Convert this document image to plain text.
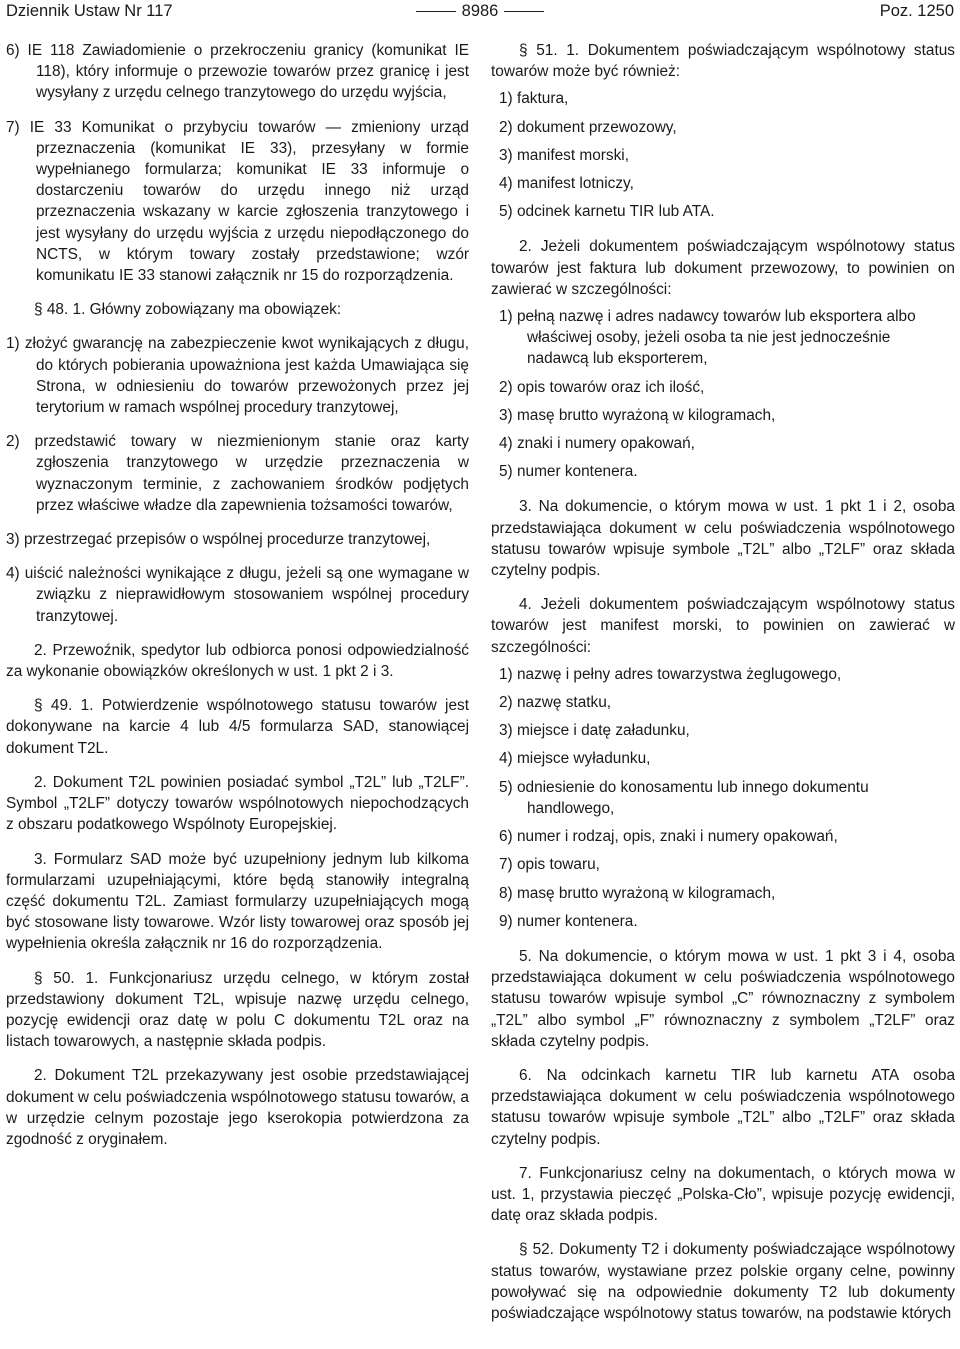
Dziennik Ustaw Nr 117	8986	Poz. 1250
6) IE 118 Zawiadomienie o przekroczeniu granicy (komunikat IE 118), który informuje o przewozie towarów przez granicę i jest wysyłany z urzędu celnego tranzytowego do urzędu wyjścia,
7) IE 33 Komunikat o przybyciu towarów — zmieniony urząd przeznaczenia (komunikat IE 33), przesyłany w formie wypełnianego formularza; komunikat IE 33 informuje o dostarczeniu towarów do urzędu innego niż urząd przeznaczenia wskazany w karcie zgłoszenia tranzytowego i jest wysyłany do urzędu wyjścia z urzędu niepodłączonego do NCTS, w którym towary zostały przedstawione; wzór komunikatu IE 33 stanowi załącznik nr 15 do rozporządzenia.

§ 48. 1. Główny zobowiązany ma obowiązek:

1) złożyć gwarancję na zabezpieczenie kwot wynikających z długu, do których pobierania upoważniona jest każda Umawiająca się Strona, w odniesieniu do towarów przewożonych przez jej terytorium w ramach wspólnej procedury tranzytowej,
2) przedstawić towary w niezmienionym stanie oraz karty zgłoszenia tranzytowego w urzędzie przeznaczenia w wyznaczonym terminie, z zachowaniem środków podjętych przez właściwe władze dla zapewnienia tożsamości towarów,
3) przestrzegać przepisów o wspólnej procedurze tranzytowej,
4) uiścić należności wynikające z długu, jeżeli są one wymagane w związku z nieprawidłowym stosowaniem wspólnej procedury tranzytowej.

2. Przewoźnik, spedytor lub odbiorca ponosi odpowiedzialność za wykonanie obowiązków określonych w ust. 1 pkt 2 i 3.

§ 49. 1. Potwierdzenie wspólnotowego statusu towarów jest dokonywane na karcie 4 lub 4/5 formularza SAD, stanowiącej dokument T2L.

2. Dokument T2L powinien posiadać symbol „T2L” lub „T2LF”. Symbol „T2LF” dotyczy towarów wspólnotowych niepochodzących z obszaru podatkowego Wspólnoty Europejskiej.

3. Formularz SAD może być uzupełniony jednym lub kilkoma formularzami uzupełniającymi, które będą stanowiły integralną część dokumentu T2L. Zamiast formularzy uzupełniających mogą być stosowane listy towarowe. Wzór listy towarowej oraz sposób jej wypełnienia określa załącznik nr 16 do rozporządzenia.

§ 50. 1. Funkcjonariusz urzędu celnego, w którym został przedstawiony dokument T2L, wpisuje nazwę urzędu celnego, pozycję ewidencji oraz datę w polu C dokumentu T2L oraz na listach towarowych, a następnie składa podpis.

2. Dokument T2L przekazywany jest osobie przedstawiającej dokument w celu poświadczenia wspólnotowego statusu towarów, a w urzędzie celnym pozostaje jego kserokopia potwierdzona za zgodność z oryginałem.

§ 51. 1. Dokumentem poświadczającym wspólnotowy status towarów może być również:

1) faktura,
2) dokument przewozowy,
3) manifest morski,
4) manifest lotniczy,
5) odcinek karnetu TIR lub ATA.

2. Jeżeli dokumentem poświadczającym wspólnotowy status towarów jest faktura lub dokument przewozowy, to powinien on zawierać w szczególności:

1) pełną nazwę i adres nadawcy towarów lub eksportera albo właściwej osoby, jeżeli osoba ta nie jest jednocześnie nadawcą lub eksporterem,
2) opis towarów oraz ich ilość,
3) masę brutto wyrażoną w kilogramach,
4) znaki i numery opakowań,
5) numer kontenera.

3. Na dokumencie, o którym mowa w ust. 1 pkt 1 i 2, osoba przedstawiająca dokument w celu poświadczenia wspólnotowego statusu towarów wpisuje symbole „T2L” albo „T2LF” oraz składa czytelny podpis.

4. Jeżeli dokumentem poświadczającym wspólnotowy status towarów jest manifest morski, to powinien on zawierać w szczególności:

1) nazwę i pełny adres towarzystwa żeglugowego,
2) nazwę statku,
3) miejsce i datę załadunku,
4) miejsce wyładunku,
5) odniesienie do konosamentu lub innego dokumentu handlowego,
6) numer i rodzaj, opis, znaki i numery opakowań,
7) opis towaru,
8) masę brutto wyrażoną w kilogramach,
9) numer kontenera.

5. Na dokumencie, o którym mowa w ust. 1 pkt 3 i 4, osoba przedstawiająca dokument w celu poświadczenia wspólnotowego statusu towarów wpisuje symbol „C” równoznaczny z symbolem „T2L” albo symbol „F” równoznaczny z symbolem „T2LF” oraz składa czytelny podpis.

6. Na odcinkach karnetu TIR lub karnetu ATA osoba przedstawiająca dokument w celu poświadczenia wspólnotowego statusu towarów wpisuje symbole „T2L” albo „T2LF” oraz składa czytelny podpis.

7. Funkcjonariusz celny na dokumentach, o których mowa w ust. 1, przystawia pieczęć „Polska-Cło”, wpisuje pozycję ewidencji, datę oraz składa podpis.

§ 52. Dokumenty T2 i dokumenty poświadczające wspólnotowy status towarów, wystawiane przez polskie organy celne, powinny powoływać się na odpowiednie dokumenty T2 lub dokumenty poświadczające wspólnotowy status towarów, na podstawie których
